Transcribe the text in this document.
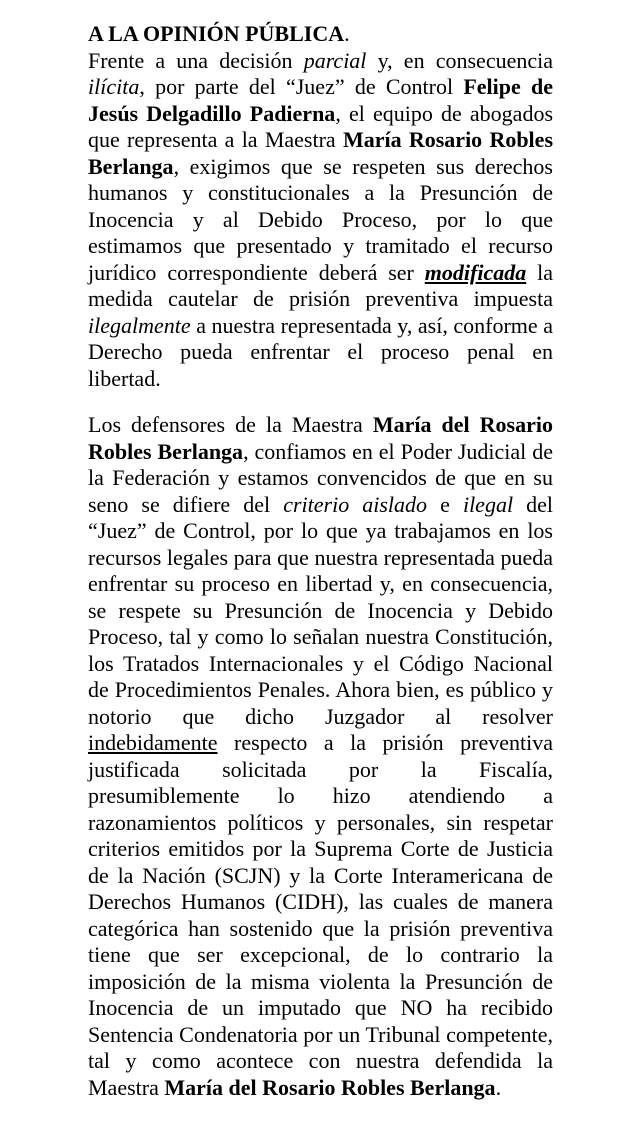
A LA OPINIÓN PÚBLICA.
Frente a una decisión parcial y, en consecuencia ilícita, por parte del “Juez” de Control Felipe de Jesús Delgadillo Padierna, el equipo de abogados que representa a la Maestra María Rosario Robles Berlanga, exigimos que se respeten sus derechos humanos y constitucionales a la Presunción de Inocencia y al Debido Proceso, por lo que estimamos que presentado y tramitado el recurso jurídico correspondiente deberá ser modificada la medida cautelar de prisión preventiva impuesta ilegalmente a nuestra representada y, así, conforme a Derecho pueda enfrentar el proceso penal en libertad.
Los defensores de la Maestra María del Rosario Robles Berlanga, confiamos en el Poder Judicial de la Federación y estamos convencidos de que en su seno se difiere del criterio aislado e ilegal del “Juez” de Control, por lo que ya trabajamos en los recursos legales para que nuestra representada pueda enfrentar su proceso en libertad y, en consecuencia, se respete su Presunción de Inocencia y Debido Proceso, tal y como lo señalan nuestra Constitución, los Tratados Internacionales y el Código Nacional de Procedimientos Penales. Ahora bien, es público y notorio que dicho Juzgador al resolver indebidamente respecto a la prisión preventiva justificada solicitada por la Fiscalía, presumiblemente lo hizo atendiendo a razonamientos políticos y personales, sin respetar criterios emitidos por la Suprema Corte de Justicia de la Nación (SCJN) y la Corte Interamericana de Derechos Humanos (CIDH), las cuales de manera categórica han sostenido que la prisión preventiva tiene que ser excepcional, de lo contrario la imposición de la misma violenta la Presunción de Inocencia de un imputado que NO ha recibido Sentencia Condenatoria por un Tribunal competente, tal y como acontece con nuestra defendida la Maestra María del Rosario Robles Berlanga.
